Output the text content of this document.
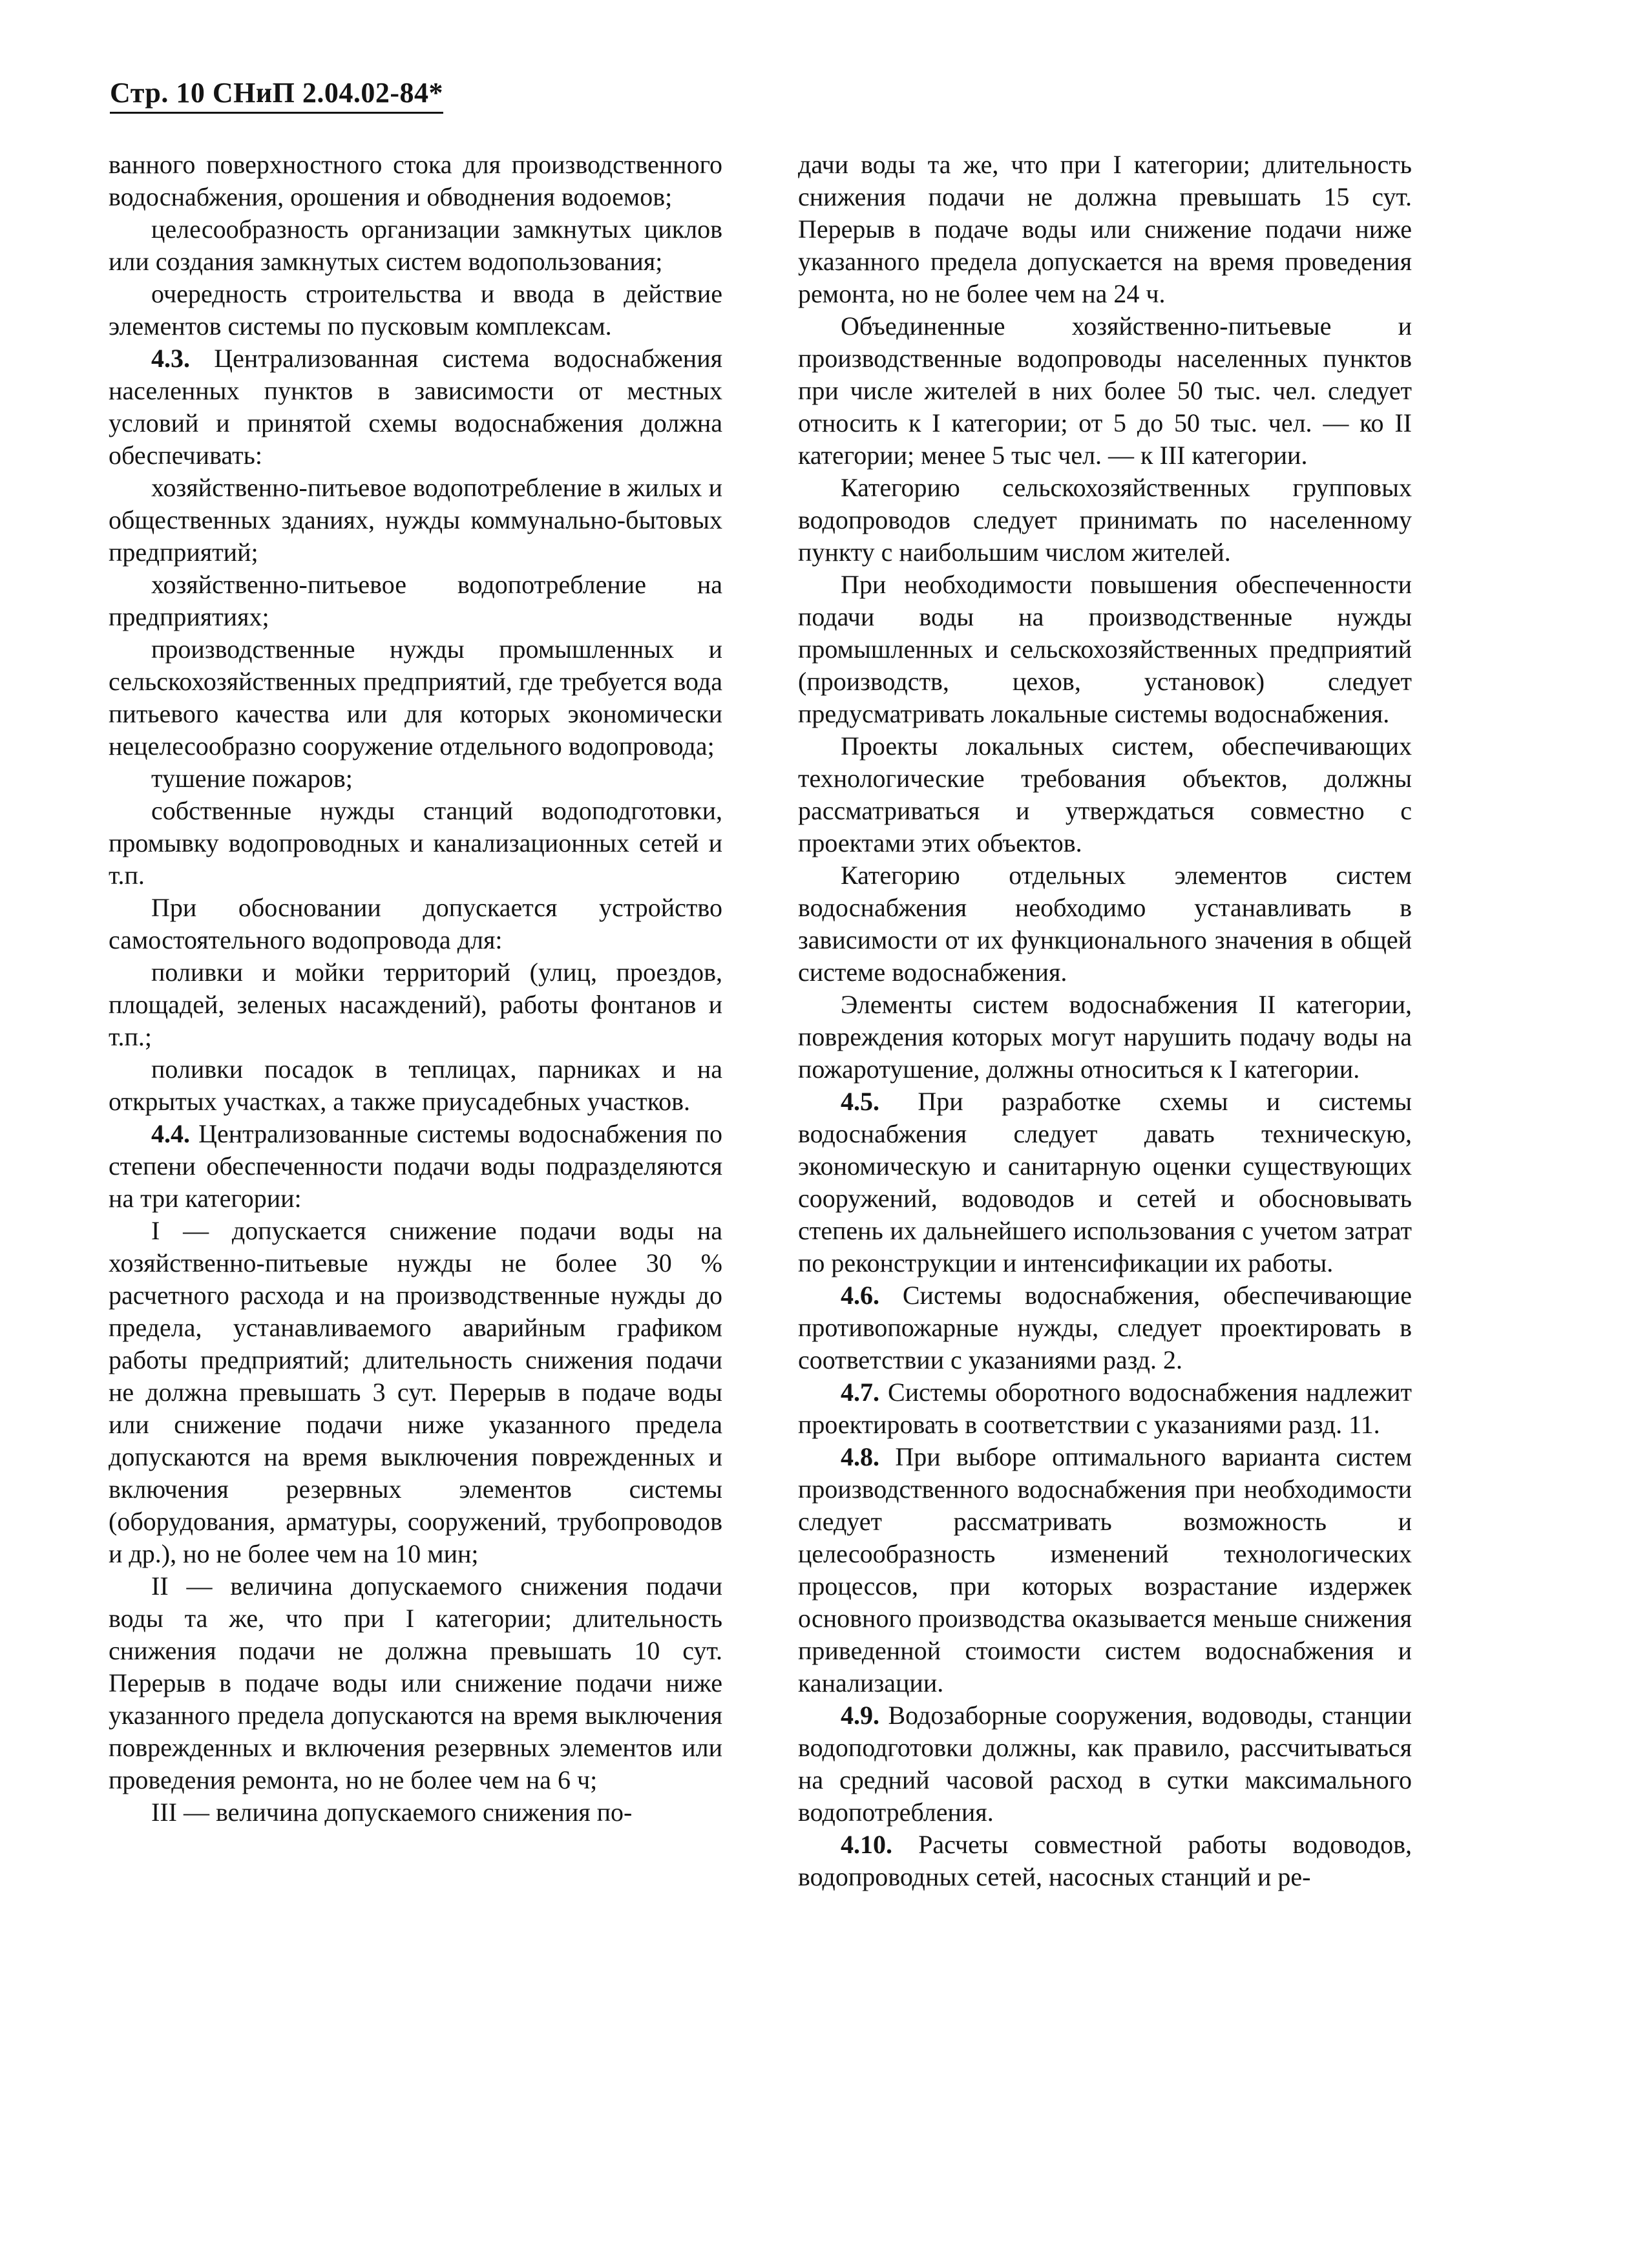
Стр. 10 СНиП 2.04.02-84*

ванного поверхностного стока для производственного водоснабжения, орошения и обводнения водоемов;

целесообразность организации замкнутых циклов или создания замкнутых систем водопользования;

очередность строительства и ввода в действие элементов системы по пусковым комплексам.

4.3. Централизованная система водоснабжения населенных пунктов в зависимости от местных условий и принятой схемы водоснабжения должна обеспечивать:

хозяйственно-питьевое водопотребление в жилых и общественных зданиях, нужды коммунально-бытовых предприятий;

хозяйственно-питьевое водопотребление на предприятиях;

производственные нужды промышленных и сельскохозяйственных предприятий, где требуется вода питьевого качества или для которых экономически нецелесообразно сооружение отдельного водопровода;

тушение пожаров;

собственные нужды станций водоподготовки, промывку водопроводных и канализационных сетей и т.п.

При обосновании допускается устройство самостоятельного водопровода для:

поливки и мойки территорий (улиц, проездов, площадей, зеленых насаждений), работы фонтанов и т.п.;

поливки посадок в теплицах, парниках и на открытых участках, а также приусадебных участков.

4.4. Централизованные системы водоснабжения по степени обеспеченности подачи воды подразделяются на три категории:

I — допускается снижение подачи воды на хозяйственно-питьевые нужды не более 30 % расчетного расхода и на производственные нужды до предела, устанавливаемого аварийным графиком работы предприятий; длительность снижения подачи не должна превышать 3 сут. Перерыв в подаче воды или снижение подачи ниже указанного предела допускаются на время выключения поврежденных и включения резервных элементов системы (оборудования, арматуры, сооружений, трубопроводов и др.), но не более чем на 10 мин;

II — величина допускаемого снижения подачи воды та же, что при I категории; длительность снижения подачи не должна превышать 10 сут. Перерыв в подаче воды или снижение подачи ниже указанного предела допускаются на время выключения поврежденных и включения резервных элементов или проведения ремонта, но не более чем на 6 ч;

III — величина допускаемого снижения по-

дачи воды та же, что при I категории; длительность снижения подачи не должна превышать 15 сут. Перерыв в подаче воды или снижение подачи ниже указанного предела допускается на время проведения ремонта, но не более чем на 24 ч.

Объединенные хозяйственно-питьевые и производственные водопроводы населенных пунктов при числе жителей в них более 50 тыс. чел. следует относить к I категории; от 5 до 50 тыс. чел. — ко II категории; менее 5 тыс чел. — к III категории.

Категорию сельскохозяйственных групповых водопроводов следует принимать по населенному пункту с наибольшим числом жителей.

При необходимости повышения обеспеченности подачи воды на производственные нужды промышленных и сельскохозяйственных предприятий (производств, цехов, установок) следует предусматривать локальные системы водоснабжения.

Проекты локальных систем, обеспечивающих технологические требования объектов, должны рассматриваться и утверждаться совместно с проектами этих объектов.

Категорию отдельных элементов систем водоснабжения необходимо устанавливать в зависимости от их функционального значения в общей системе водоснабжения.

Элементы систем водоснабжения II категории, повреждения которых могут нарушить подачу воды на пожаротушение, должны относиться к I категории.

4.5. При разработке схемы и системы водоснабжения следует давать техническую, экономическую и санитарную оценки существующих сооружений, водоводов и сетей и обосновывать степень их дальнейшего использования с учетом затрат по реконструкции и интенсификации их работы.

4.6. Системы водоснабжения, обеспечивающие противопожарные нужды, следует проектировать в соответствии с указаниями разд. 2.

4.7. Системы оборотного водоснабжения надлежит проектировать в соответствии с указаниями разд. 11.

4.8. При выборе оптимального варианта систем производственного водоснабжения при необходимости следует рассматривать возможность и целесообразность изменений технологических процессов, при которых возрастание издержек основного производства оказывается меньше снижения приведенной стоимости систем водоснабжения и канализации.

4.9. Водозаборные сооружения, водоводы, станции водоподготовки должны, как правило, рассчитываться на средний часовой расход в сутки максимального водопотребления.

4.10. Расчеты совместной работы водоводов, водопроводных сетей, насосных станций и ре-
